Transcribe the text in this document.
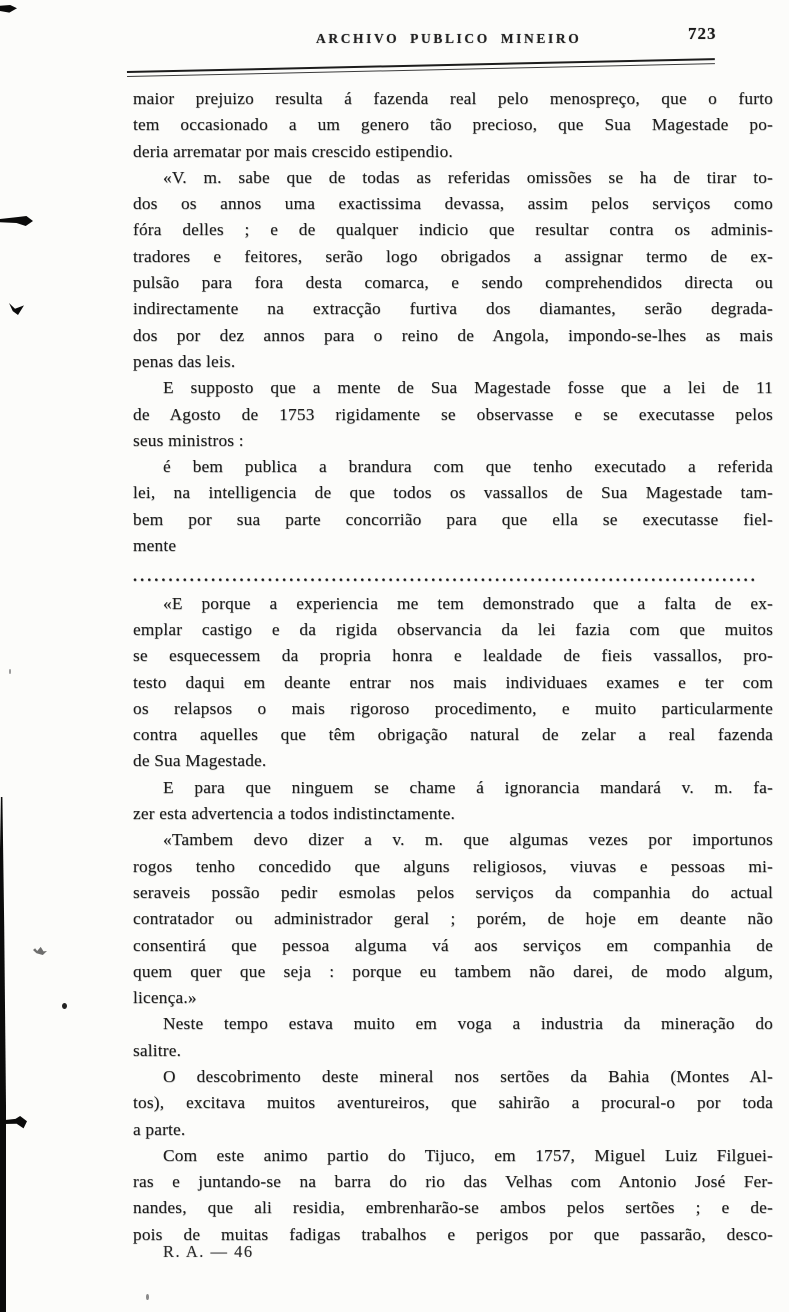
ARCHIVO PUBLICO MINEIRO	723
maior prejuizo resulta á fazenda real pelo menospreço, que o furto
tem occasionado a um genero tão precioso, que Sua Magestade po-
deria arrematar por mais crescido estipendio.
«V. m. sabe que de todas as referidas omissões se ha de tirar to-
dos os annos uma exactissima devassa, assim pelos serviços como
fóra delles ; e de qualquer indicio que resultar contra os adminis-
tradores e feitores, serão logo obrigados a assignar termo de ex-
pulsão para fora desta comarca, e sendo comprehendidos directa ou
indirectamente na extracção furtiva dos diamantes, serão degrada-
dos por dez annos para o reino de Angola, impondo-se-lhes as mais
penas das leis.
E supposto que a mente de Sua Magestade fosse que a lei de 11
de Agosto de 1753 rigidamente se observasse e se executasse pelos
seus ministros :
é bem publica a brandura com que tenho executado a referida
lei, na intelligencia de que todos os vassallos de Sua Magestade tam-
bem por sua parte concorrião para que ella se executasse fiel-
mente
........................................................................................
«E porque a experiencia me tem demonstrado que a falta de ex-
emplar castigo e da rigida observancia da lei fazia com que muitos
se esquecessem da propria honra e lealdade de fieis vassallos, pro-
testo daqui em deante entrar nos mais individuaes exames e ter com
os relapsos o mais rigoroso procedimento, e muito particularmente
contra aquelles que têm obrigação natural de zelar a real fazenda
de Sua Magestade.
E para que ninguem se chame á ignorancia mandará v. m. fa-
zer esta advertencia a todos indistinctamente.
«Tambem devo dizer a v. m. que algumas vezes por importunos
rogos tenho concedido que alguns religiosos, viuvas e pessoas mi-
seraveis possão pedir esmolas pelos serviços da companhia do actual
contratador ou administrador geral ; porém, de hoje em deante não
consentirá que pessoa alguma vá aos serviços em companhia de
quem quer que seja : porque eu tambem não darei, de modo algum,
licença.»
Neste tempo estava muito em voga a industria da mineração do
salitre.
O descobrimento deste mineral nos sertões da Bahia (Montes Al-
tos), excitava muitos aventureiros, que sahirão a procural-o por toda
a parte.
Com este animo partio do Tijuco, em 1757, Miguel Luiz Filguei-
ras e juntando-se na barra do rio das Velhas com Antonio José Fer-
nandes, que ali residia, embrenharão-se ambos pelos sertões ; e de-
pois de muitas fadigas trabalhos e perigos por que passarão, desco-
R. A. — 46
